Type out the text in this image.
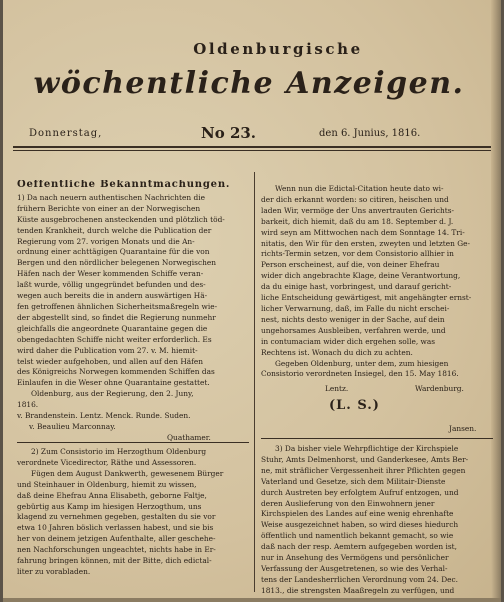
Oldenburgische
wöchentliche Anzeigen.
Donnerstag,	No 23.	den 6. Junius, 1816.

Oeffentliche Bekanntmachungen.

1) Da nach neuern authentischen Nachrichten die

frühern Berichte von einer an der Norwegischen

Küste ausgebrochenen ansteckenden und plötzlich töd-

tenden Krankheit, durch welche die Publication der

Regierung vom 27. vorigen Monats und die An-

ordnung einer achttägigen Quarantaine für die von

Bergen und den nördlicher belegenen Norwegischen

Häfen nach der Weser kommenden Schiffe veran-

laßt wurde, völlig ungegründet befunden und des-

wegen auch bereits die in andern auswärtigen Hä-

fen getroffenen ähnlichen Sicherheitsmaßregeln wie-

der abgestellt sind, so findet die Regierung nunmehr

gleichfalls die angeordnete Quarantaine gegen die

obengedachten Schiffe nicht weiter erforderlich. Es

wird daher die Publication vom 27. v. M. hiemit-

telst wieder aufgehoben, und allen auf den Häfen

des Königreichs Norwegen kommenden Schiffen das

Einlaufen in die Weser ohne Quarantaine gestattet.

Oldenburg, aus der Regierung, den 2. Juny,

1816.

v. Brandenstein. Lentz. Menck. Runde. Suden.

v. Beaulieu Marconnay.

Quathamer.

2) Zum Consistorio im Herzogthum Oldenburg

verordnete Vicedirector, Räthe und Assessoren.

Fügen dem August Dankwerth, gewesenem Bürger

und Steinhauer in Oldenburg, hiemit zu wissen,

daß deine Ehefrau Anna Elisabeth, geborne Faltje,

gebürtig aus Kamp im hiesigen Herzogthum, uns

klagend zu vernehmen gegeben, gestalten du sie vor

etwa 10 Jahren böslich verlassen habest, und sie bis

her von deinem jetzigen Aufenthalte, aller geschehe-

nen Nachforschungen ungeachtet, nichts habe in Er-

fahrung bringen können, mit der Bitte, dich edictal-

liter zu vorabladen.

Wenn nun die Edictal-Citation heute dato wi-

der dich erkannt worden: so citiren, heischen und

laden Wir, vermöge der Uns anvertrauten Gerichts-

barkeit, dich hiemit, daß du am 18. September d. J.

wird seyn am Mittwochen nach dem Sonntage 14. Tri-

nitatis, den Wir für den ersten, zweyten und letzten Ge-

richts-Termin setzen, vor dem Consistorio allhier in

Person erscheinest, auf die, von deiner Ehefrau

wider dich angebrachte Klage, deine Verantwortung,

da du einige hast, vorbringest, und darauf gericht-

liche Entscheidung gewärtigest, mit angehängter ernst-

licher Verwarnung, daß, im Falle du nicht erschei-

nest, nichts desto weniger in der Sache, auf dein

ungehorsames Ausbleiben, verfahren werde, und

in contumaciam wider dich ergehen solle, was

Rechtens ist. Wonach du dich zu achten.

Gegeben Oldenburg, unter dem, zum hiesigen

Consistorio verordneten Insiegel, den 15. May 1816.

Lentz.	Wardenburg.
(L. S.)
Jansen.

3) Da bisher viele Wehrpflichtige der Kirchspiele

Stuhr, Amts Delmenhorst, und Ganderkesee, Amts Ber-

ne, mit sträflicher Vergessenheit ihrer Pflichten gegen

Vaterland und Gesetze, sich dem Militair-Dienste

durch Austreten bey erfolgtem Aufruf entzogen, und

deren Auslieferung von den Einwohnern jener

Kirchspielen des Landes auf eine wenig ehrenhafte

Weise ausgezeichnet haben, so wird dieses hiedurch

öffentlich und namentlich bekannt gemacht, so wie

daß nach der resp. Aemtern aufgegeben worden ist,

nur in Ansehung des Vermögens und persönlicher

Verfassung der Ausgetretenen, so wie des Verhal-

tens der Landesherrlichen Verordnung vom 24. Dec.

1813., die strengsten Maaßregeln zu verfügen, und
